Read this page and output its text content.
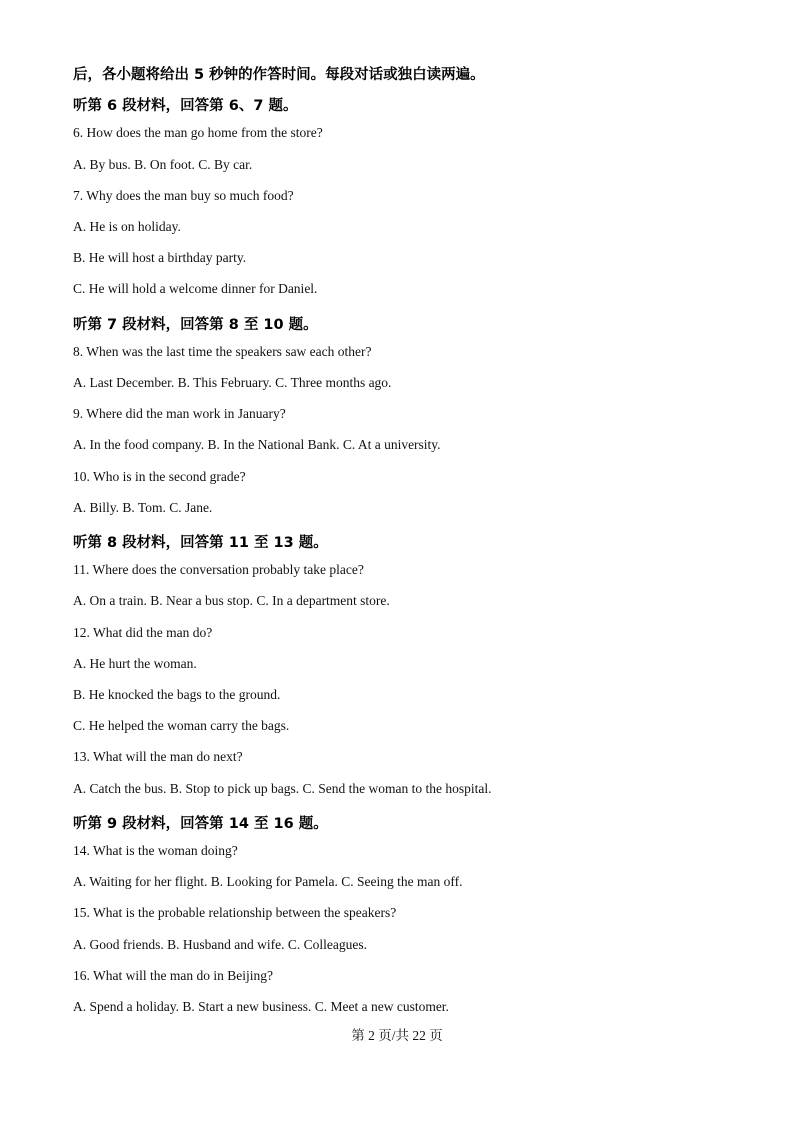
后，各小题将给出 5 秒钟的作答时间。每段对话或独白读两遍。
听第 6 段材料，回答第 6、7 题。
6. How does the man go home from the store?
A. By bus. B. On foot. C. By car.
7. Why does the man buy so much food?
A. He is on holiday.
B. He will host a birthday party.
C. He will hold a welcome dinner for Daniel.
听第 7 段材料，回答第 8 至 10 题。
8. When was the last time the speakers saw each other?
A. Last December. B. This February. C. Three months ago.
9. Where did the man work in January?
A. In the food company. B. In the National Bank. C. At a university.
10. Who is in the second grade?
A. Billy. B. Tom. C. Jane.
听第 8 段材料，回答第 11 至 13 题。
11. Where does the conversation probably take place?
A. On a train. B. Near a bus stop. C. In a department store.
12. What did the man do?
A. He hurt the woman.
B. He knocked the bags to the ground.
C. He helped the woman carry the bags.
13. What will the man do next?
A. Catch the bus. B. Stop to pick up bags. C. Send the woman to the hospital.
听第 9 段材料，回答第 14 至 16 题。
14. What is the woman doing?
A. Waiting for her flight. B. Looking for Pamela. C. Seeing the man off.
15. What is the probable relationship between the speakers?
A. Good friends. B. Husband and wife. C. Colleagues.
16. What will the man do in Beijing?
A. Spend a holiday. B. Start a new business. C. Meet a new customer.
第 2 页/共 22 页
